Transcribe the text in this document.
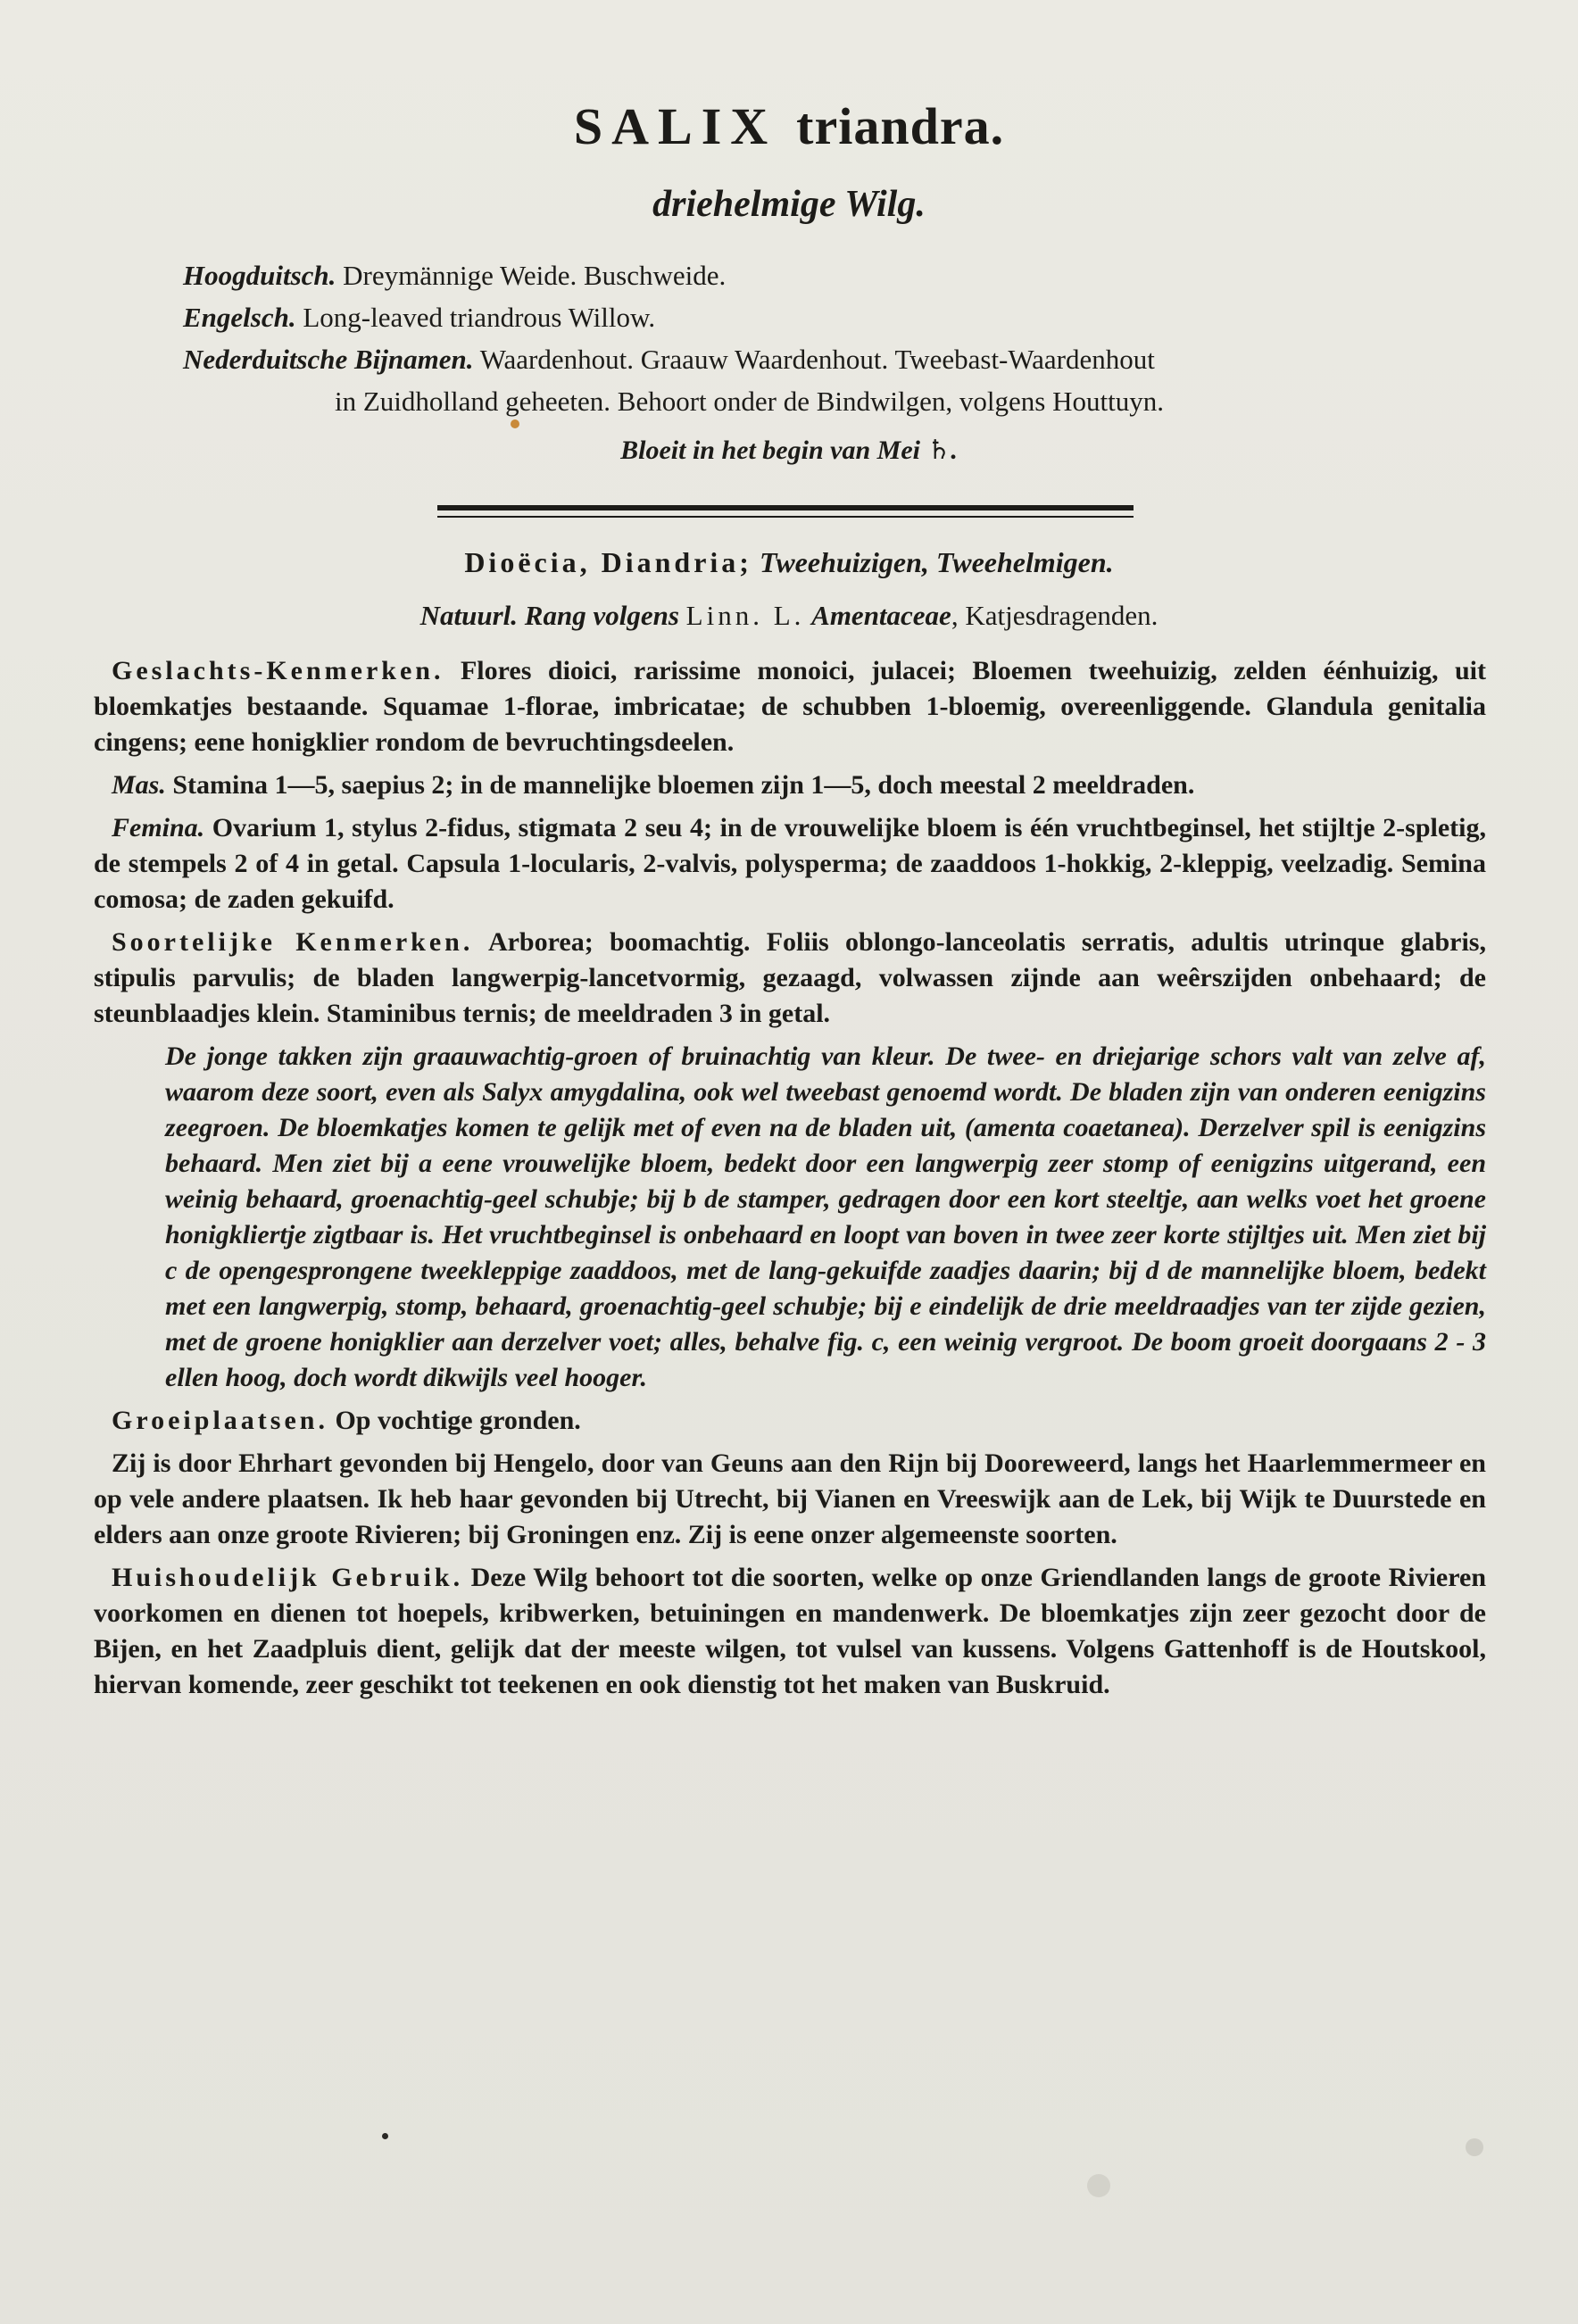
SALIX triandra.
driehelmige Wilg.
Hoogduitsch. Dreymännige Weide. Buschweide.
Engelsch. Long-leaved triandrous Willow.
Nederduitsche Bijnamen. Waardenhout. Graauw Waardenhout. Tweebast-Waardenhout
in Zuidholland geheeten. Behoort onder de Bindwilgen, volgens Houttuyn.
Bloeit in het begin van Mei ♄.
Dioëcia, Diandria; Tweehuizigen, Tweehelmigen.
Natuurl. Rang volgens Linn. L. Amentaceae, Katjesdragenden.

Geslachts-Kenmerken. Flores dioici, rarissime monoici, julacei; Bloemen tweehuizig, zelden éénhuizig, uit bloemkatjes bestaande. Squamae 1-florae, imbricatae; de schubben 1-bloemig, overeenliggende. Glandula genitalia cingens; eene honigklier rondom de bevruchtingsdeelen.

Mas. Stamina 1—5, saepius 2; in de mannelijke bloemen zijn 1—5, doch meestal 2 meeldraden.

Femina. Ovarium 1, stylus 2-fidus, stigmata 2 seu 4; in de vrouwelijke bloem is één vruchtbeginsel, het stijltje 2-spletig, de stempels 2 of 4 in getal. Capsula 1-locularis, 2-valvis, polysperma; de zaaddoos 1-hokkig, 2-kleppig, veelzadig. Semina comosa; de zaden gekuifd.

Soortelijke Kenmerken. Arborea; boomachtig. Foliis oblongo-lanceolatis serratis, adultis utrinque glabris, stipulis parvulis; de bladen langwerpig-lancetvormig, gezaagd, volwassen zijnde aan weêrszijden onbehaard; de steunblaadjes klein. Staminibus ternis; de meeldraden 3 in getal.

De jonge takken zijn graauwachtig-groen of bruinachtig van kleur. De twee- en driejarige schors valt van zelve af, waarom deze soort, even als Salyx amygdalina, ook wel tweebast genoemd wordt. De bladen zijn van onderen eenigzins zeegroen. De bloemkatjes komen te gelijk met of even na de bladen uit, (amenta coaetanea). Derzelver spil is eenigzins behaard. Men ziet bij a eene vrouwelijke bloem, bedekt door een langwerpig zeer stomp of eenigzins uitgerand, een weinig behaard, groenachtig-geel schubje; bij b de stamper, gedragen door een kort steeltje, aan welks voet het groene honigkliertje zigtbaar is. Het vruchtbeginsel is onbehaard en loopt van boven in twee zeer korte stijltjes uit. Men ziet bij c de opengesprongene tweekleppige zaaddoos, met de lang-gekuifde zaadjes daarin; bij d de mannelijke bloem, bedekt met een langwerpig, stomp, behaard, groenachtig-geel schubje; bij e eindelijk de drie meeldraadjes van ter zijde gezien, met de groene honigklier aan derzelver voet; alles, behalve fig. c, een weinig vergroot. De boom groeit doorgaans 2 - 3 ellen hoog, doch wordt dikwijls veel hooger.

Groeiplaatsen. Op vochtige gronden.

Zij is door Ehrhart gevonden bij Hengelo, door van Geuns aan den Rijn bij Dooreweerd, langs het Haarlemmermeer en op vele andere plaatsen. Ik heb haar gevonden bij Utrecht, bij Vianen en Vreeswijk aan de Lek, bij Wijk te Duurstede en elders aan onze groote Rivieren; bij Groningen enz. Zij is eene onzer algemeenste soorten.

Huishoudelijk Gebruik. Deze Wilg behoort tot die soorten, welke op onze Griendlanden langs de groote Rivieren voorkomen en dienen tot hoepels, kribwerken, betuiningen en mandenwerk. De bloemkatjes zijn zeer gezocht door de Bijen, en het Zaadpluis dient, gelijk dat der meeste wilgen, tot vulsel van kussens. Volgens Gattenhoff is de Houtskool, hiervan komende, zeer geschikt tot teekenen en ook dienstig tot het maken van Buskruid.
